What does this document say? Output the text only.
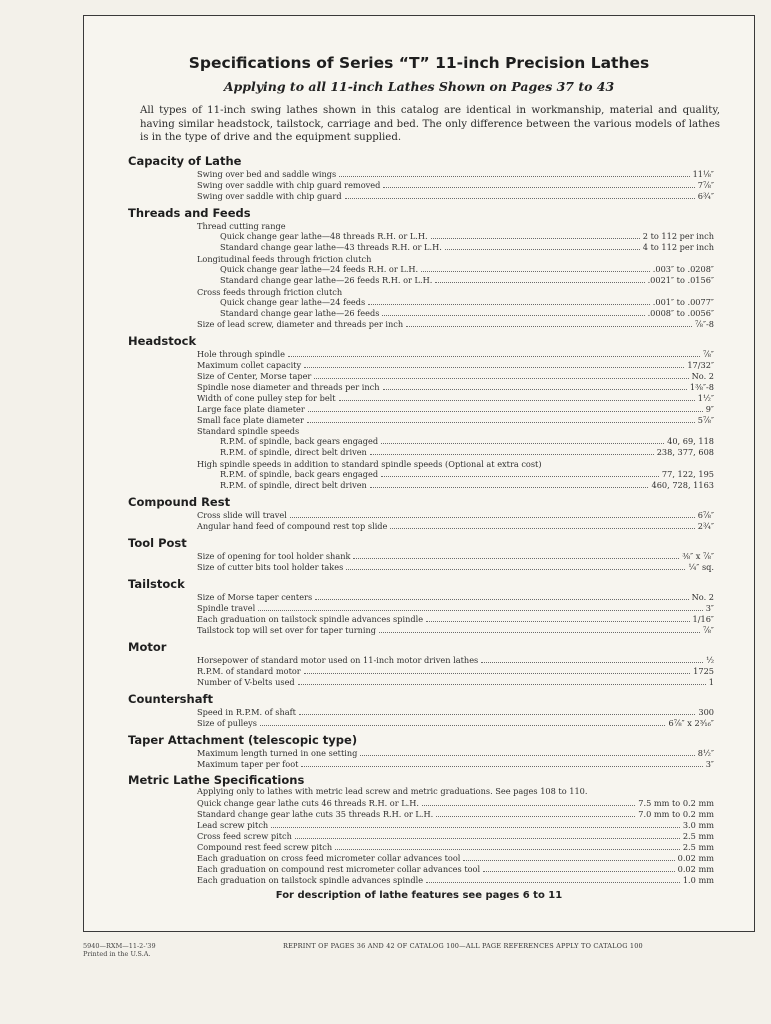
Specifications of Series “T” 11-inch Precision Lathes
Applying to all 11-inch Lathes Shown on Pages 37 to 43
All types of 11-inch swing lathes shown in this catalog are identical in workmanship, material and quality, having similar headstock, tailstock, carriage and bed. The only difference between the various models of lathes is in the type of drive and the equipment supplied.
Capacity of Lathe
Swing over bed and saddle wings	11⅛″
Swing over saddle with chip guard removed	7⅞″
Swing over saddle with chip guard	6¾″
Threads and Feeds
Thread cutting range
Quick change gear lathe—48 threads R.H. or L.H.	2 to 112 per inch
Standard change gear lathe—43 threads R.H. or L.H.	4 to 112 per inch
Longitudinal feeds through friction clutch
Quick change gear lathe—24 feeds R.H. or L.H.	.003″ to .0208″
Standard change gear lathe—26 feeds R.H. or L.H.	.0021″ to .0156″
Cross feeds through friction clutch
Quick change gear lathe—24 feeds	.001″ to .0077″
Standard change gear lathe—26 feeds	.0008″ to .0056″
Size of lead screw, diameter and threads per inch	⅞″-8
Headstock
Hole through spindle	⅞″
Maximum collet capacity	17/32″
Size of Center, Morse taper	No. 2
Spindle nose diameter and threads per inch	1⅜″-8
Width of cone pulley step for belt	1½″
Large face plate diameter	9″
Small face plate diameter	5⅞″
Standard spindle speeds
R.P.M. of spindle, back gears engaged	40, 69, 118
R.P.M. of spindle, direct belt driven	238, 377, 608
High spindle speeds in addition to standard spindle speeds (Optional at extra cost)
R.P.M. of spindle, back gears engaged	77, 122, 195
R.P.M. of spindle, direct belt driven	460, 728, 1163
Compound Rest
Cross slide will travel	6⅞″
Angular hand feed of compound rest top slide	2¾″
Tool Post
Size of opening for tool holder shank	⅜″ x ⅞″
Size of cutter bits tool holder takes	¼″ sq.
Tailstock
Size of Morse taper centers	No. 2
Spindle travel	3″
Each graduation on tailstock spindle advances spindle	1/16″
Tailstock top will set over for taper turning	⅞″
Motor
Horsepower of standard motor used on 11-inch motor driven lathes	½
R.P.M. of standard motor	1725
Number of V-belts used	1
Countershaft
Speed in R.P.M. of shaft	300
Size of pulleys	6⅞″ x 2³⁄₁₆″
Taper Attachment (telescopic type)
Maximum length turned in one setting	8½″
Maximum taper per foot	3″
Metric Lathe Specifications
Applying only to lathes with metric lead screw and metric graduations. See pages 108 to 110.
Quick change gear lathe cuts 46 threads R.H. or L.H.	7.5 mm to 0.2 mm
Standard change gear lathe cuts 35 threads R.H. or L.H.	7.0 mm to 0.2 mm
Lead screw pitch	3.0 mm
Cross feed screw pitch	2.5 mm
Compound rest feed screw pitch	2.5 mm
Each graduation on cross feed micrometer collar advances tool	0.02 mm
Each graduation on compound rest micrometer collar advances tool	0.02 mm
Each graduation on tailstock spindle advances spindle	1.0 mm
For description of lathe features see pages 6 to 11
5940—RXM—11-2-'39
Printed in the U.S.A.
REPRINT OF PAGES 36 AND 42 OF CATALOG 100—ALL PAGE REFERENCES APPLY TO CATALOG 100
